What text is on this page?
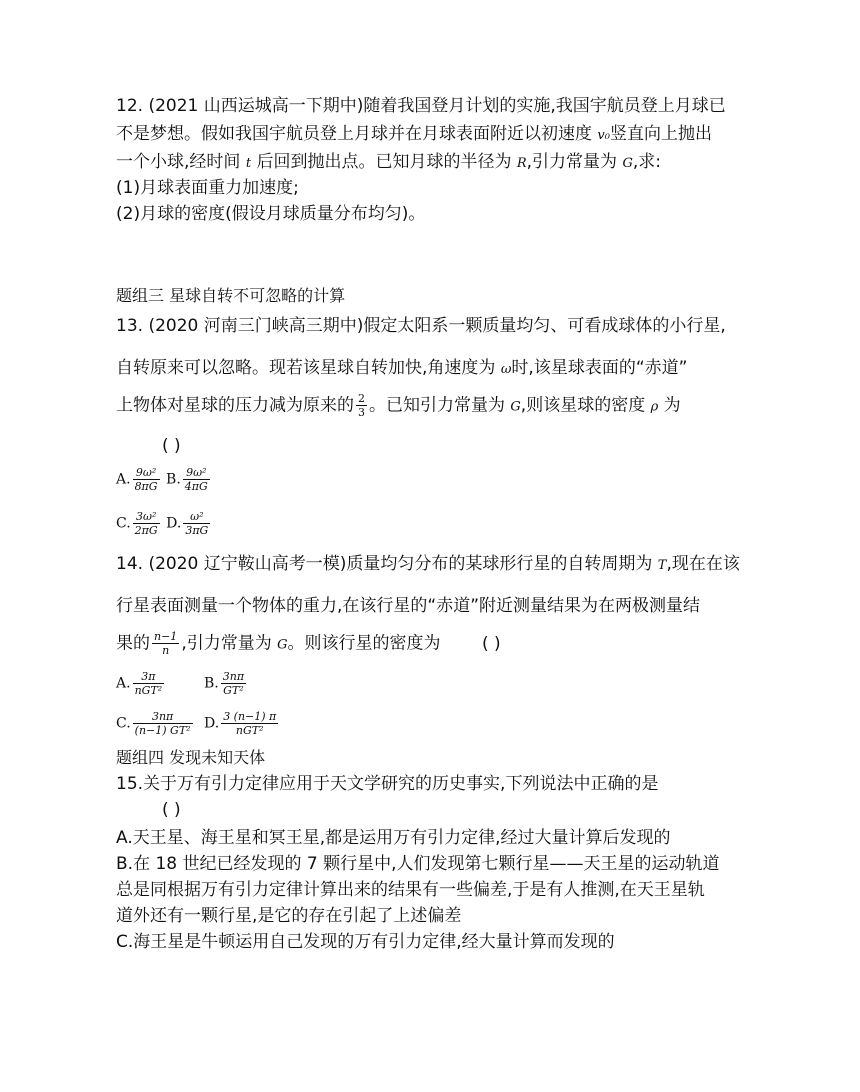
12. (2021 山西运城高一下期中)随着我国登月计划的实施,我国宇航员登上月球已
不是梦想。假如我国宇航员登上月球并在月球表面附近以初速度 v₀竖直向上抛出
一个小球,经时间 t 后回到抛出点。已知月球的半径为 R,引力常量为 G,求:
(1)月球表面重力加速度;
(2)月球的密度(假设月球质量分布均匀)。
题组三 星球自转不可忽略的计算
13. (2020 河南三门峡高三期中)假定太阳系一颗质量均匀、可看成球体的小行星,
自转原来可以忽略。现若该星球自转加快,角速度为 ω时,该星球表面的“赤道”
上物体对星球的压力减为原来的 $\frac{2}{3}$ 。已知引力常量为 G,则该星球的密度 ρ 为
( )
A. $\frac{\text{9ω²}}{8\pi G} B$. $\frac{\text{9ω²}}{4\pi G}$
C. $\frac{\text{3ω²}}{2\pi G} D$. $\frac{\text{ω²}}{3\pi G}$
14. (2020 辽宁鞍山高考一模)质量均匀分布的某球形行星的自转周期为 T,现在在该
行星表面测量一个物体的重力,在该行星的“赤道”附近测量结果为在两极测量结
果的 $\frac{n-1}{n}$ ,引力常量为 G。则该行星的密度为 ( )
A. $\frac{3\pi}{\text{nGT²}}$	B. $\frac{3n\pi}{\text{GT²}}$
C. $\frac{3n\pi}{\text{(n−1) GT²}} D$. $\frac{3 (n-1) \pi}{\text{nGT²}}$
题组四 发现未知天体
15.关于万有引力定律应用于天文学研究的历史事实,下列说法中正确的是
( )
A.天王星、海王星和冥王星,都是运用万有引力定律,经过大量计算后发现的
B.在 18 世纪已经发现的 7 颗行星中,人们发现第七颗行星——天王星的运动轨道
总是同根据万有引力定律计算出来的结果有一些偏差,于是有人推测,在天王星轨
道外还有一颗行星,是它的存在引起了上述偏差
C.海王星是牛顿运用自己发现的万有引力定律,经大量计算而发现的
